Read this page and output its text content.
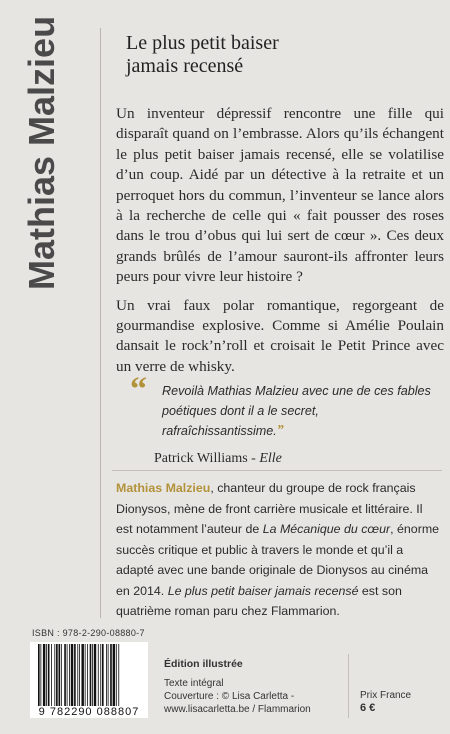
Mathias Malzieu	Le plus petit baiser
jamais recensé

Un inventeur dépressif rencontre une fille qui disparaît quand on l’embrasse. Alors qu’ils échangent le plus petit baiser jamais recensé, elle se volatilise d’un coup. Aidé par un détective à la retraite et un perroquet hors du commun, l’inventeur se lance alors à la recherche de celle qui « fait pousser des roses dans le trou d’obus qui lui sert de cœur ». Ces deux grands brûlés de l’amour sauront-ils affronter leurs peurs pour vivre leur histoire ?

Un vrai faux polar romantique, regorgeant de gourmandise explosive. Comme si Amélie Poulain dansait le rock’n’roll et croisait le Petit Prince avec un verre de whisky.

“ Revoilà Mathias Malzieu avec une de ces fables poétiques dont il a le secret, rafraîchissantissime.”
Patrick Williams - Elle
Mathias Malzieu, chanteur du groupe de rock français Dionysos, mène de front carrière musicale et littéraire. Il est notamment l’auteur de La Mécanique du cœur, énorme succès critique et public à travers le monde et qu’il a adapté avec une bande originale de Dionysos au cinéma en 2014. Le plus petit baiser jamais recensé est son quatrième roman paru chez Flammarion.
ISBN : 978-2-290-08880-7
9 782290 088807
Édition illustrée
Texte intégral
Couverture : © Lisa Carletta -
www.lisacarletta.be / Flammarion
Prix France
6 €
